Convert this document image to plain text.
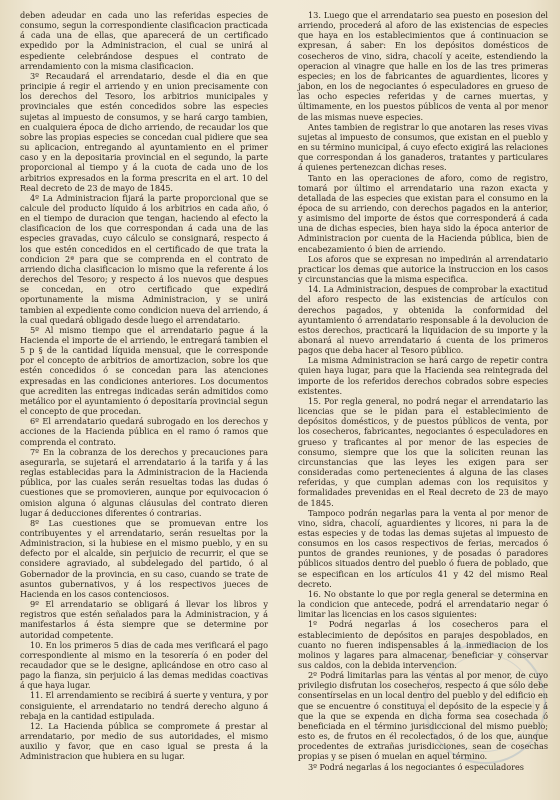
deben adeudar en cada uno las referidas especies de consumo, segun la correspondiente clasificacion practicada á cada una de ellas, que aparecerá de un certificado expedido por la Administracion, el cual se unirá al espediente celebrándose despues el contrato de arrendamiento con la misma clasificacion.

3º Recaudará el arrendatario, desde el dia en que principie á regir el arriendo y en union precisamente con los derechos del Tesoro, los arbitrios municipales y provinciales que estén concedidos sobre las especies sujetas al impuesto de consumos, y se hará cargo tambien, en cualquiera época de dicho arriendo, de recaudar los que sobre las propias especies se concedan cual pidiere que sea su aplicacion, entregando al ayuntamiento en el primer caso y en la depositaria provincial en el segundo, la parte proporcional al tiempo y á la cuota de cada uno de los arbitrios expresados en la forma prescrita en el art. 10 del Real decreto de 23 de mayo de 1845.

4º La Administracion fijará la parte proporcional que se calcule del producto líquido á los arbitrios en cada año, ó en el tiempo de duracion que tengan, haciendo al efecto la clasificacion de los que correspondan á cada una de las especies gravadas, cuyo cálculo se consignará, respecto á los que estén concedidos en el certificado de que trata la condicion 2ª para que se comprenda en el contrato de arriendo dicha clasificacion lo mismo que la referente á los derechos del Tesoro; y respecto á los nuevos que despues se concedan, en otro certificado que expedirá oportunamente la misma Administracion, y se unirá tambien al expediente como condicion nueva del arriendo, á la cual quedará obligado desde luego el arrendatario.

5º Al mismo tiempo que el arrendatario pague á la Hacienda el importe de el arriendo, le entregará tambien el 5 p § de la cantidad líquida mensual, que le corresponde por el concepto de arbitrios de amortizacion, sobre los que estén concedidos ó se concedan para las atenciones expresadas en las condiciones anteriores. Los documentos que acrediten las entregas indicadas serán admitidos como metálico por el ayuntamiento ó depositaría provincial segun el concepto de que procedan.

6º El arrendatario quedará subrogado en los derechos y acciones de la Hacienda pública en el ramo ó ramos que comprenda el contrato.

7º En la cobranza de los derechos y precauciones para asegurarla, se sujetará el arrendatario á la tarifa y á las reglas establecidas para la Administracion de la Hacienda pública, por las cuales serán resueltas todas las dudas ó cuestiones que se promovieren, aunque por equivocacion ó omision alguna ó algunas cláusulas del contrato dieren lugar á deducciones diferentes ó contrarias.

8º Las cuestiones que se promuevan entre los contribuyentes y el arrendatario, serán resueltas por la Administracion, si la hubiese en el mismo pueblo, y en su defecto por el alcalde, sin perjuicio de recurrir, el que se considere agraviado, al subdelegado del partido, ó al Gobernador de la provincia, en su caso, cuando se trate de asuntos gubernativos, y á los respectivos jueces de Hacienda en los casos contenciosos.

9º El arrendatario se obligará á llevar los libros y registros que estén señalados para la Administracion, y á manifestarlos á ésta siempre que se determine por autoridad competente.

10. En los primeros 5 dias de cada mes verificará el pago correspondiente al mismo en la tesorería ó en poder del recaudador que se le designe, aplicándose en otro caso al pago la fianza, sin perjuicio á las demas medidas coactivas á que haya lugar.

11. El arrendamiento se recibirá á suerte y ventura, y por consiguiente, el arrendatario no tendrá derecho alguno á rebaja en la cantidad estipulada.

12. La Hacienda pública se compromete á prestar al arrendatario, por medio de sus autoridades, el mismo auxilio y favor, que en caso igual se presta á la Administracion que hubiera en su lugar.

13. Luego que el arrendatario sea puesto en posesion del arriendo, procederá al aforo de las existencias de especies que haya en los establecimientos que á continuacion se expresan, á saber: En los depósitos domésticos de cosecheros de vino, sidra, chacolí y aceite, estendiendo la operacion al vinagre que halle en los de las tres primeras especies; en los de fabricantes de aguardientes, licores y jabon, en los de negociantes ó especuladores en grueso de las ocho especies referidas y de carnes muertas, y últimamente, en los puestos públicos de venta al por menor de las mismas nueve especies.

Antes tambien de registrar lo que anotaren las reses vivas sujetas al impuesto de consumos, que existan en el pueblo y en su término municipal, á cuyo efecto exigirá las relaciones que correspondan á los ganaderos, tratantes y particulares á quienes pertenezcan dichas reses.

Tanto en las operaciones de aforo, como de registro, tomará por último el arrendatario una razon exacta y detallada de las especies que existan para el consumo en la época de su arriendo, con derechos pagados en la anterior, y asimismo del importe de éstos que corresponderá á cada una de dichas especies, bien haya sido la época anterior de Administracion por cuenta de la Hacienda pública, bien de encabezamiento ó bien de arriendo.

Los aforos que se expresan no impedirán al arrendatario practicar los demas que autorice la instruccion en los casos y circunstancias que la misma especifica.

14. La Administracion, despues de comprobar la exactitud del aforo respecto de las existencias de artículos con derechos pagados, y obtenida la conformidad del ayuntamiento ó arrendatario responsable á la devolucion de estos derechos, practicará la liquidacion de su importe y la abonará al nuevo arrendatario á cuenta de los primeros pagos que deba hacer al Tesoro público.

La misma Administracion se hará cargo de repetir contra quien haya lugar, para que la Hacienda sea reintegrada del importe de los referidos derechos cobrados sobre especies existentes.

15. Por regla general, no podrá negar el arrendatario las licencias que se le pidan para el establecimiento de depósitos domésticos, y de puestos públicos de venta, por los cosecheros, fabricantes, negociantes ó especuladores en grueso y traficantes al por menor de las especies de consumo, siempre que los que la soliciten reunan las circunstancias que las leyes les exigen para ser consideradas como pertenecientes á alguna de las clases referidas, y que cumplan ademas con los requisitos y formalidades prevenidas en el Real decreto de 23 de mayo de 1845.

Tampoco podrán negarlas para la venta al por menor de vino, sidra, chacolí, aguardientes y licores, ni para la de estas especies y de todas las demas sujetas al impuesto de consumos en los casos respectivos de ferias, mercados ó puntos de grandes reuniones, y de posadas ó paradores públicos situados dentro del pueblo ó fuera de poblado, que se especifican en los artículos 41 y 42 del mismo Real decreto.

16. No obstante lo que por regla general se determina en la condicion que antecede, podrá el arrendatario negar ó limitar las licencias en los casos siguientes:

1º Podrá negarlas á los cosecheros para el establecimiento de depósitos en parajes despoblados, en cuanto no fueren indispensables á la inmediacion de los molinos y lagares para almacenar, beneficiar y conservar sus caldos, con la debida intervencion.

2º Podrá limitarlas para las ventas al por menor, de cuyo privilegio disfrutan los cosecheros, respecto á que sólo debe consentírselas en un local dentro del pueblo y del edificio en que se encuentre ó constituya el depósito de la especie y á que la que se expenda en dicha forma sea cosechada ó beneficiada en el término jurisdiccional del mismo pueblo; esto es, de frutos en él recolectados, ó de los que, aunque procedentes de extrañas jurisdicciones, sean de cosechas propias y se pisen ó muelan en aquel término.

3º Podrá negarlas á los negociantes ó especuladores
